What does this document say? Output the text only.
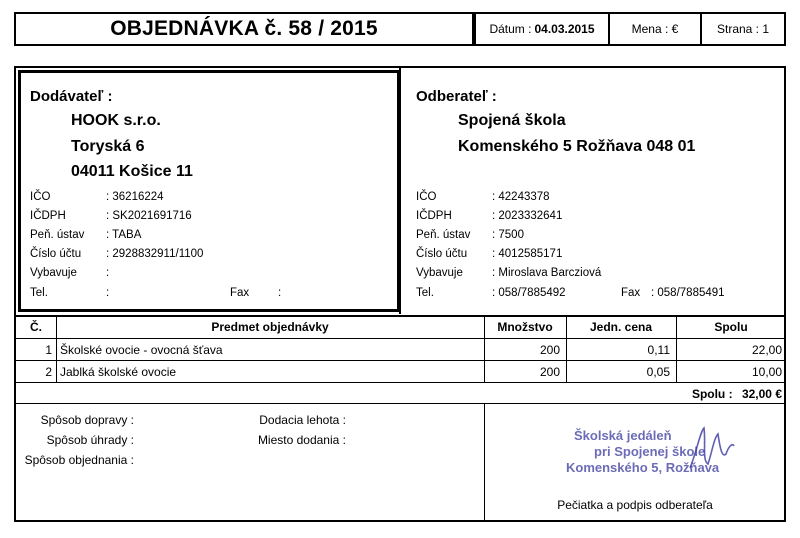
OBJEDNÁVKA č. 58 / 2015	Dátum : 04.03.2015	Mena : €	Strana : 1
Dodávateľ :
HOOK s.r.o.
Toryská 6
04011 Košice 11
IČO	: 36216224
IČDPH	: SK2021691716
Peň. ústav : TABA
Číslo účtu : 2928832911/1100
Vybavuje	:
Tel.	:	Fax	:
Odberateľ :
Spojená škola
Komenského 5 Rožňava 048 01
IČO	: 42243378
IČDPH	: 2023332641
Peň. ústav : 7500
Číslo účtu : 4012585171
Vybavuje	: Miroslava Barcziová
Tel.	: 058/7885492	Fax : 058/7885491
Č.	Predmet objednávky	Množstvo	Jedn. cena	Spolu
1 Školské ovocie - ovocná šťava	200	0,11	22,00
2 Jablká školské ovocie	200	0,05	10,00
Spolu : 32,00 €
Spôsob dopravy :
Spôsob úhrady :
Spôsob objednania :
Dodacia lehota :
Miesto dodania :	Školská jedáleň
pri Spojenej škole
Komenského 5, Rožňava
Pečiatka a podpis odberateľa
